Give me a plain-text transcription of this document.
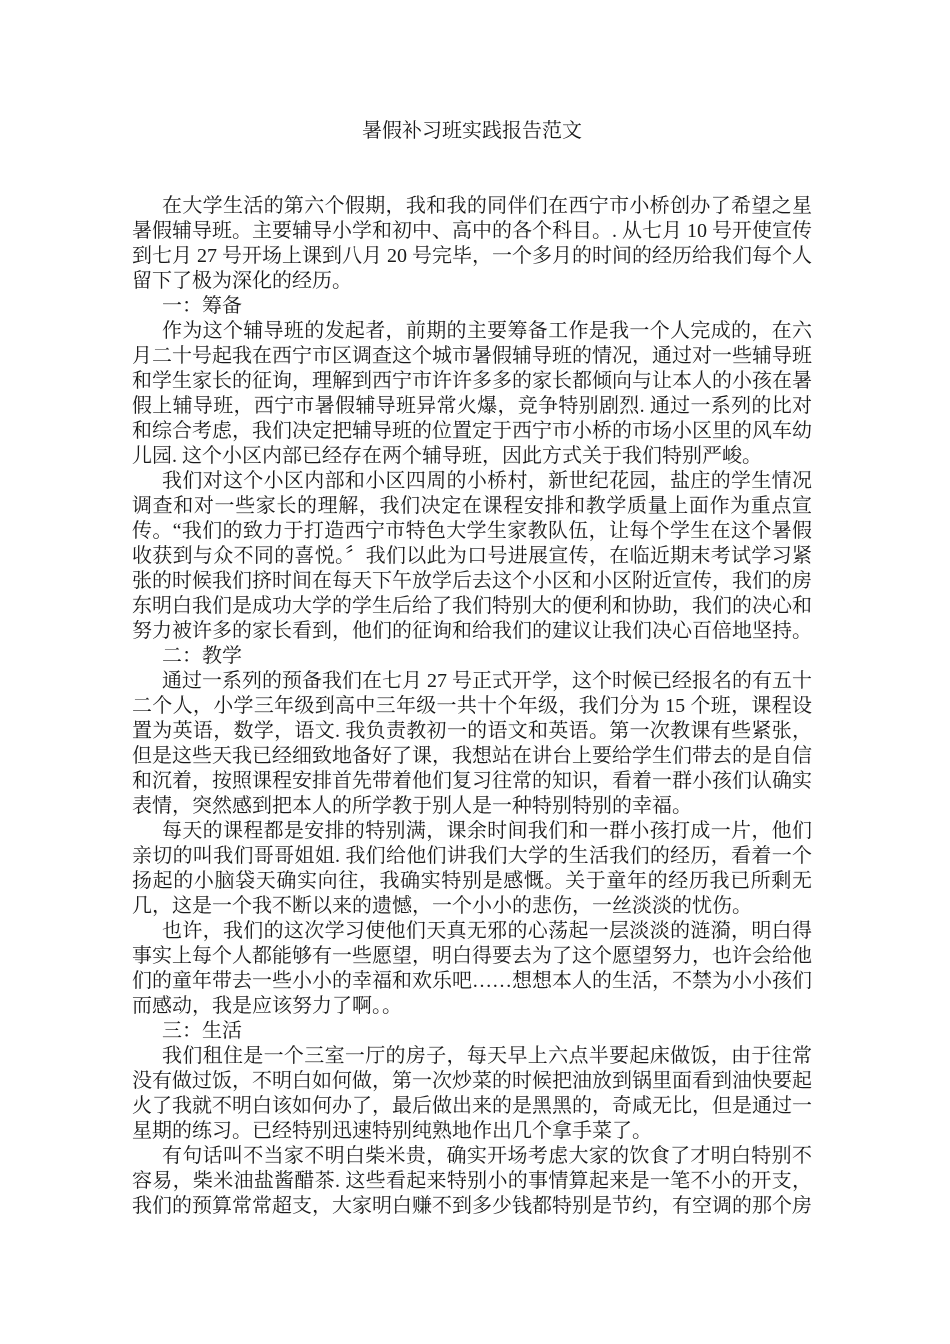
暑假补习班实践报告范文

在大学生活的第六个假期，我和我的同伴们在西宁市小桥创办了希望之星暑假辅导班。主要辅导小学和初中、高中的各个科目。. 从七月 10 号开使宣传到七月 27 号开场上课到八月 20 号完毕，一个多月的时间的经历给我们每个人留下了极为深化的经历。

一：筹备

作为这个辅导班的发起者，前期的主要筹备工作是我一个人完成的，在六月二十号起我在西宁市区调查这个城市暑假辅导班的情况，通过对一些辅导班和学生家长的征询，理解到西宁市许许多多的家长都倾向与让本人的小孩在暑假上辅导班，西宁市暑假辅导班异常火爆，竞争特别剧烈. 通过一系列的比对和综合考虑，我们决定把辅导班的位置定于西宁市小桥的市场小区里的风车幼儿园. 这个小区内部已经存在两个辅导班，因此方式关于我们特别严峻。

我们对这个小区内部和小区四周的小桥村，新世纪花园，盐庄的学生情况调查和对一些家长的理解，我们决定在课程安排和教学质量上面作为重点宣传。“我们的致力于打造西宁市特色大学生家教队伍，让每个学生在这个暑假收获到与众不同的喜悦。〞我们以此为口号进展宣传，在临近期末考试学习紧张的时候我们挤时间在每天下午放学后去这个小区和小区附近宣传，我们的房东明白我们是成功大学的学生后给了我们特别大的便利和协助，我们的决心和努力被许多的家长看到，他们的征询和给我们的建议让我们决心百倍地坚持。

二：教学

通过一系列的预备我们在七月 27 号正式开学，这个时候已经报名的有五十二个人，小学三年级到高中三年级一共十个年级，我们分为 15 个班，课程设置为英语，数学，语文. 我负责教初一的语文和英语。第一次教课有些紧张，但是这些天我已经细致地备好了课，我想站在讲台上要给学生们带去的是自信和沉着，按照课程安排首先带着他们复习往常的知识，看着一群小孩们认确实表情，突然感到把本人的所学教于别人是一种特别特别的幸福。

每天的课程都是安排的特别满，课余时间我们和一群小孩打成一片，他们亲切的叫我们哥哥姐姐. 我们给他们讲我们大学的生活我们的经历，看着一个扬起的小脑袋天确实向往，我确实特别是感慨。关于童年的经历我已所剩无几，这是一个我不断以来的遗憾，一个小小的悲伤，一丝淡淡的忧伤。

也许，我们的这次学习使他们天真无邪的心荡起一层淡淡的涟漪，明白得事实上每个人都能够有一些愿望，明白得要去为了这个愿望努力，也许会给他们的童年带去一些小小的幸福和欢乐吧……想想本人的生活，不禁为小小孩们而感动，我是应该努力了啊。。

三：生活

我们租住是一个三室一厅的房子，每天早上六点半要起床做饭，由于往常没有做过饭，不明白如何做，第一次炒菜的时候把油放到锅里面看到油快要起火了我就不明白该如何办了，最后做出来的是黑黑的，奇咸无比，但是通过一星期的练习。已经特别迅速特别纯熟地作出几个拿手菜了。

有句话叫不当家不明白柴米贵，确实开场考虑大家的饮食了才明白特别不容易，柴米油盐酱醋茶. 这些看起来特别小的事情算起来是一笔不小的开支，我们的预算常常超支，大家明白赚不到多少钱都特别是节约，有空调的那个房
